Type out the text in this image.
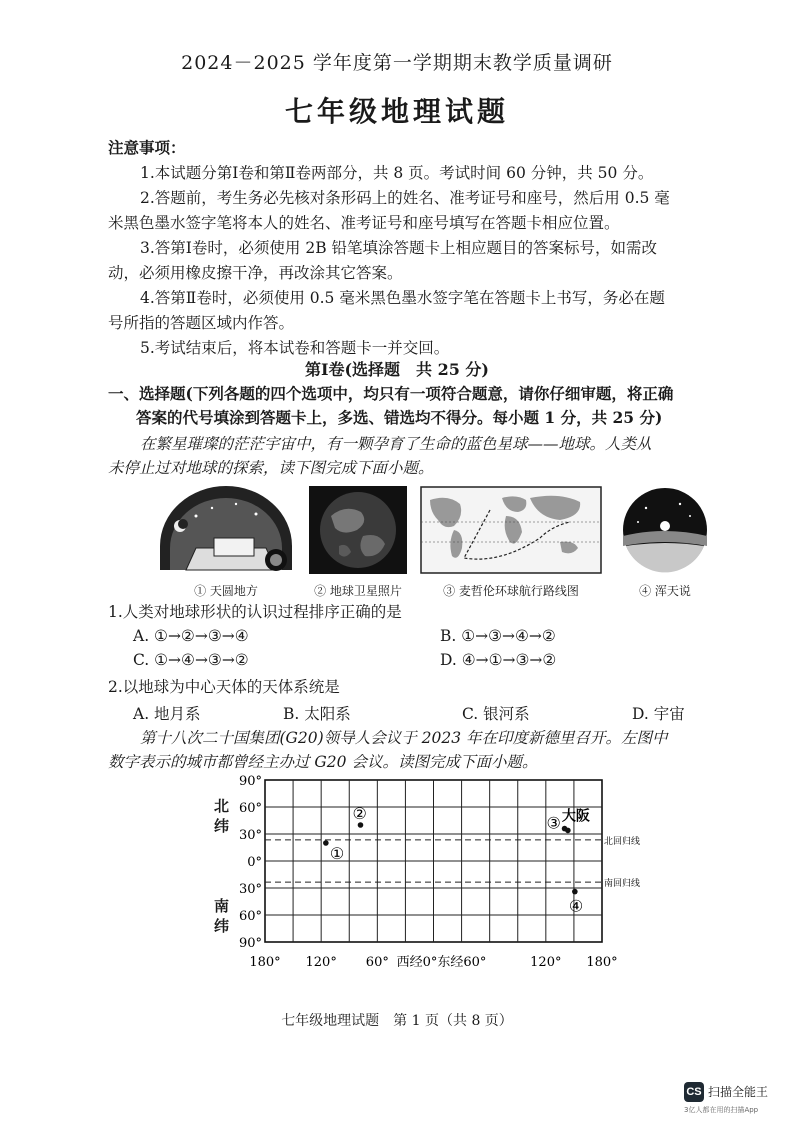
2024－2025 学年度第一学期期末教学质量调研
七年级地理试题
注意事项：
1.本试题分第Ⅰ卷和第Ⅱ卷两部分，共 8 页。考试时间 60 分钟，共 50 分。
2.答题前，考生务必先核对条形码上的姓名、准考证号和座号，然后用 0.5 毫
米黑色墨水签字笔将本人的姓名、准考证号和座号填写在答题卡相应位置。
3.答第Ⅰ卷时，必须使用 2B 铅笔填涂答题卡上相应题目的答案标号，如需改
动，必须用橡皮擦干净，再改涂其它答案。
4.答第Ⅱ卷时，必须使用 0.5 毫米黑色墨水签字笔在答题卡上书写，务必在题
号所指的答题区域内作答。
5.考试结束后，将本试卷和答题卡一并交回。
第Ⅰ卷(选择题　共 25 分)
一、选择题(下列各题的四个选项中，均只有一项符合题意，请你仔细审题，将正确
答案的代号填涂到答题卡上，多选、错选均不得分。每小题 1 分，共 25 分)
在繁星璀璨的茫茫宇宙中，有一颗孕育了生命的蓝色星球——地球。人类从
未停止过对地球的探索，读下图完成下面小题。
① 天圆地方	② 地球卫星照片	③ 麦哲伦环球航行路线图	④ 浑天说
1.人类对地球形状的认识过程排序正确的是
A. ①→②→③→④	B. ①→③→④→②
C. ①→④→③→②	D. ④→①→③→②
2.以地球为中心天体的天体系统是
A. 地月系	B. 太阳系	C. 银河系	D. 宇宙
第十八次二十国集团(G20)领导人会议于 2023 年在印度新德里召开。左图中
数字表示的城市都曾经主办过 G20 会议。读图完成下面小题。
北回归线
南回归线
90°
60°
30°
0°
30°
60°
90°
180° 120° 60° 西经0°东经60°	120° 180°
①
②
③ 大阪
④
北纬
南纬
七年级地理试题　第 1 页（共 8 页）
CS 扫描全能王
3亿人都在用的扫描App
